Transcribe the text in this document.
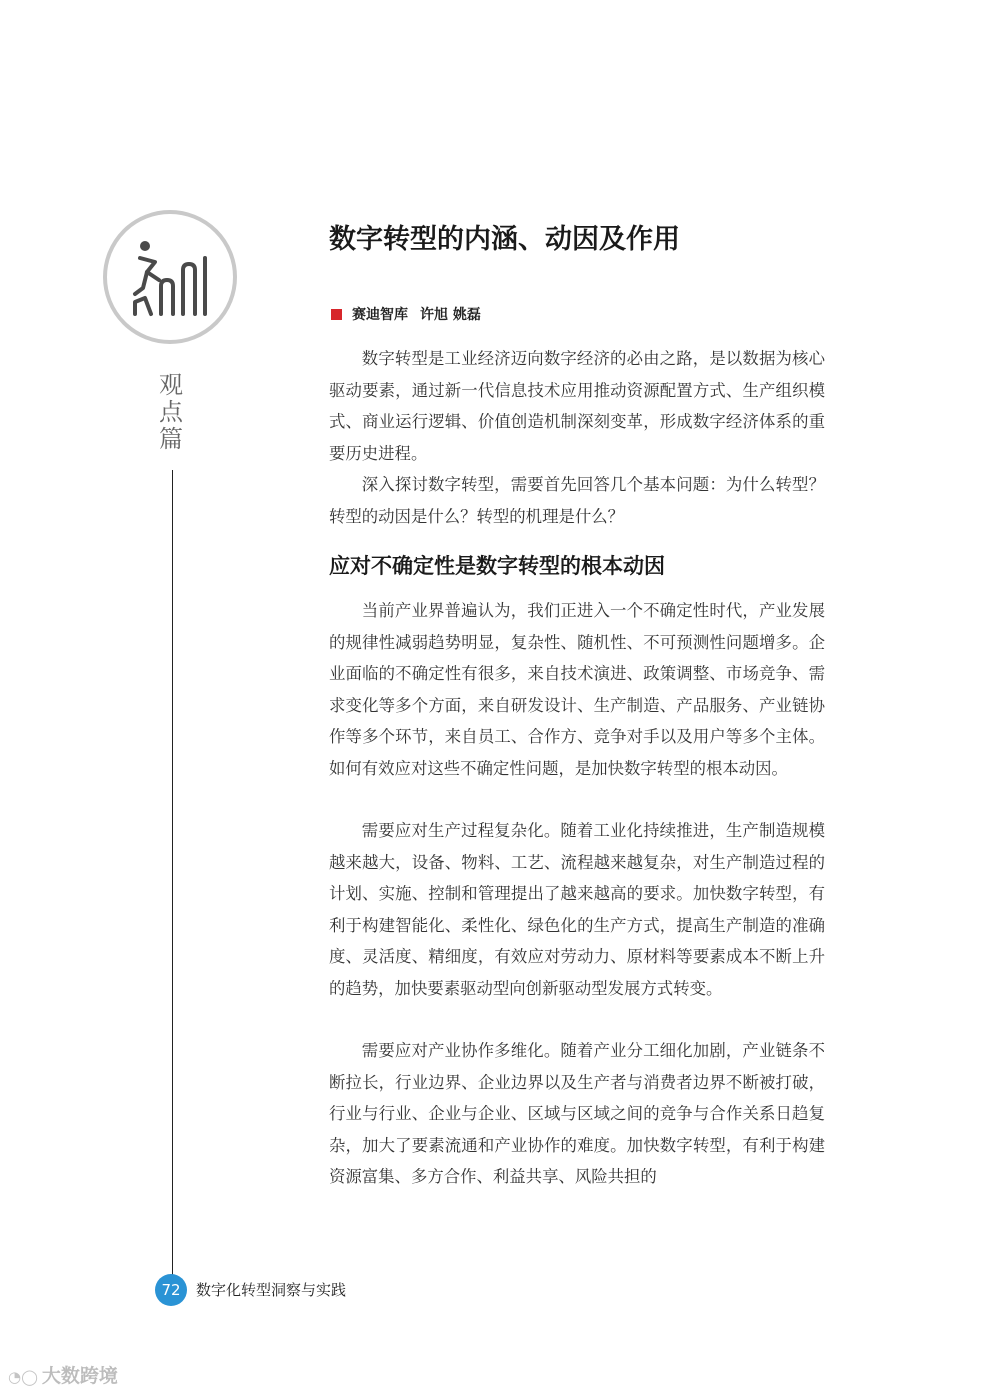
观
点
篇
数字转型的内涵、动因及作用
赛迪智库 许旭 姚磊

数字转型是工业经济迈向数字经济的必由之路，是以数据为核心驱动要素，通过新一代信息技术应用推动资源配置方式、生产组织模式、商业运行逻辑、价值创造机制深刻变革，形成数字经济体系的重要历史进程。

深入探讨数字转型，需要首先回答几个基本问题：为什么转型？转型的动因是什么？转型的机理是什么？

应对不确定性是数字转型的根本动因

当前产业界普遍认为，我们正进入一个不确定性时代，产业发展的规律性减弱趋势明显，复杂性、随机性、不可预测性问题增多。企业面临的不确定性有很多，来自技术演进、政策调整、市场竞争、需求变化等多个方面，来自研发设计、生产制造、产品服务、产业链协作等多个环节，来自员工、合作方、竞争对手以及用户等多个主体。如何有效应对这些不确定性问题，是加快数字转型的根本动因。

需要应对生产过程复杂化。随着工业化持续推进，生产制造规模越来越大，设备、物料、工艺、流程越来越复杂，对生产制造过程的计划、实施、控制和管理提出了越来越高的要求。加快数字转型，有利于构建智能化、柔性化、绿色化的生产方式，提高生产制造的准确度、灵活度、精细度，有效应对劳动力、原材料等要素成本不断上升的趋势，加快要素驱动型向创新驱动型发展方式转变。

需要应对产业协作多维化。随着产业分工细化加剧，产业链条不断拉长，行业边界、企业边界以及生产者与消费者边界不断被打破，行业与行业、企业与企业、区域与区域之间的竞争与合作关系日趋复杂，加大了要素流通和产业协作的难度。加快数字转型，有利于构建资源富集、多方合作、利益共享、风险共担的

72	数字化转型洞察与实践
◔◯ 大数跨境
